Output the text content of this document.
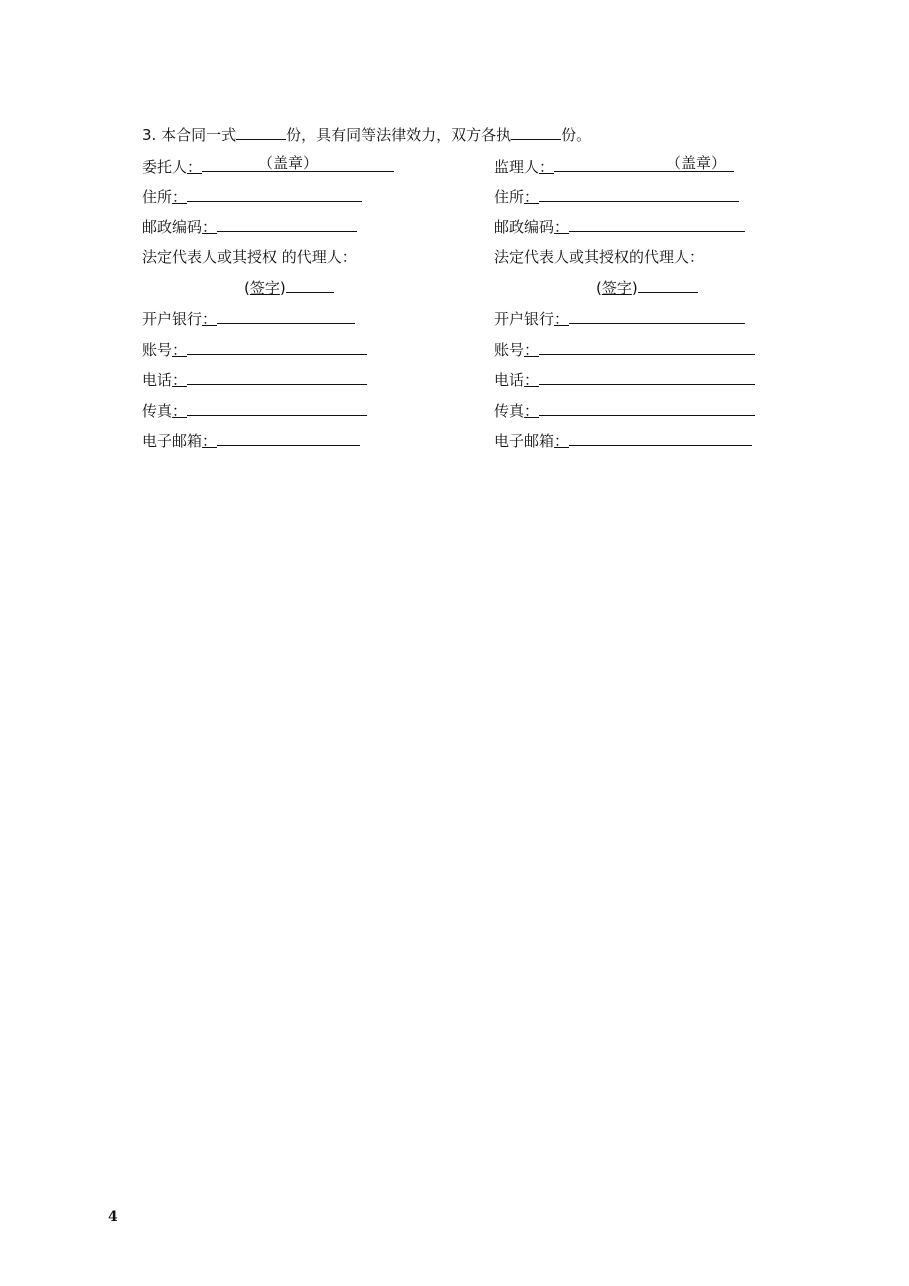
3. 本合同一式	份，具有同等法律效力，双方各执	份。
委托人：	（盖章）
住所：
邮政编码：
法定代表人或其授权 的代理人：
(签字)
开户银行：
账号：
电话：
传真：
电子邮箱：
监理人：	（盖章）
住所：
邮政编码：
法定代表人或其授权的代理人：
(签字)
开户银行：
账号：
电话：
传真：
电子邮箱：
4
